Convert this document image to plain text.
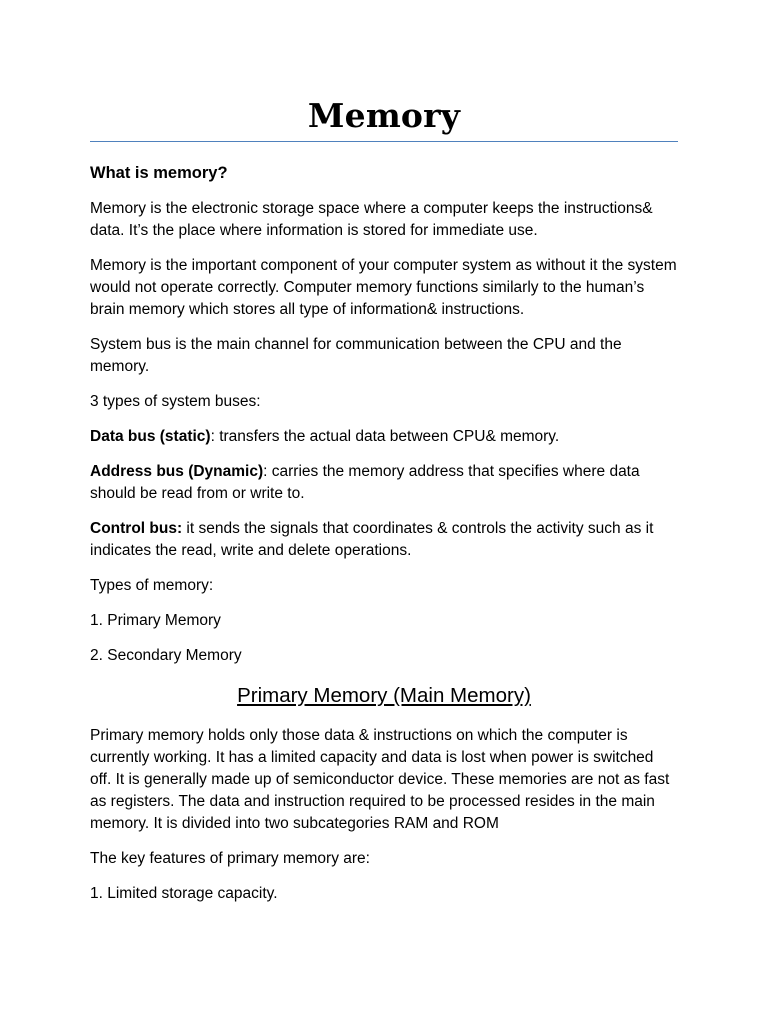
Memory
What is memory?

Memory is the electronic storage space where a computer keeps the instructions& data. It’s the place where information is stored for immediate use.

Memory is the important component of your computer system as without it the system would not operate correctly. Computer memory functions similarly to the human’s brain memory which stores all type of information& instructions.

System bus is the main channel for communication between the CPU and the memory.

3 types of system buses:

Data bus (static): transfers the actual data between CPU& memory.

Address bus (Dynamic): carries the memory address that specifies where data should be read from or write to.

Control bus: it sends the signals that coordinates & controls the activity such as it indicates the read, write and delete operations.

Types of memory:

1. Primary Memory

2. Secondary Memory

Primary Memory (Main Memory)

Primary memory holds only those data & instructions on which the computer is currently working. It has a limited capacity and data is lost when power is switched off. It is generally made up of semiconductor device. These memories are not as fast as registers. The data and instruction required to be processed resides in the main memory. It is divided into two subcategories RAM and ROM

The key features of primary memory are:

1. Limited storage capacity.
